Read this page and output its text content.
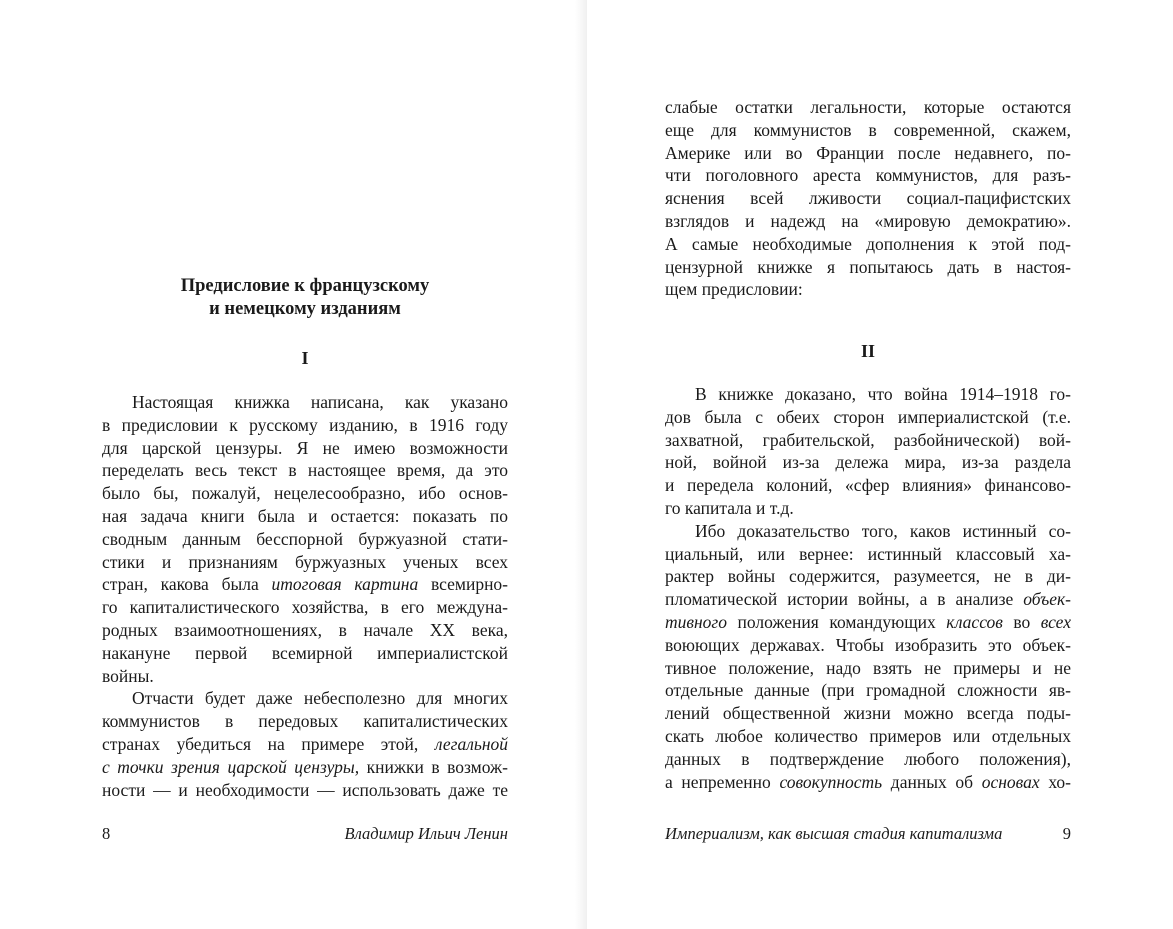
Предисловие к французскому
и немецкому изданиям
I
Настоящая книжка написана, как указано
в предисловии к русскому изданию, в 1916 году
для царской цензуры. Я не имею возможности
переделать весь текст в настоящее время, да это
было бы, пожалуй, нецелесообразно, ибо основ-
ная задача книги была и остается: показать по
сводным данным бесспорной буржуазной стати-
стики и признаниям буржуазных ученых всех
стран, какова была итоговая картина всемирно-
го капиталистического хозяйства, в его междуна-
родных взаимоотношениях, в начале XX века,
накануне первой всемирной империалистской
войны.
Отчасти будет даже небесполезно для многих
коммунистов в передовых капиталистических
странах убедиться на примере этой, легальной
с точки зрения царской цензуры, книжки в возмож-
ности — и необходимости — использовать даже те
8	Владимир Ильич Ленин
слабые остатки легальности, которые остаются
еще для коммунистов в современной, скажем,
Америке или во Франции после недавнего, по-
чти поголовного ареста коммунистов, для разъ-
яснения всей лживости социал-пацифистских
взглядов и надежд на «мировую демократию».
А самые необходимые дополнения к этой под-
цензурной книжке я попытаюсь дать в настоя-
щем предисловии:
II
В книжке доказано, что война 1914–1918 го-
дов была с обеих сторон империалистской (т.е.
захватной, грабительской, разбойнической) вой-
ной, войной из-за дележа мира, из-за раздела
и передела колоний, «сфер влияния» финансово-
го капитала и т.д.
Ибо доказательство того, каков истинный со-
циальный, или вернее: истинный классовый ха-
рактер войны содержится, разумеется, не в ди-
пломатической истории войны, а в анализе объек-
тивного положения командующих классов во всех
воюющих державах. Чтобы изобразить это объек-
тивное положение, надо взять не примеры и не
отдельные данные (при громадной сложности яв-
лений общественной жизни можно всегда поды-
скать любое количество примеров или отдельных
данных в подтверждение любого положения),
а непременно совокупность данных об основах хо-
Империализм, как высшая стадия капитализма	9
